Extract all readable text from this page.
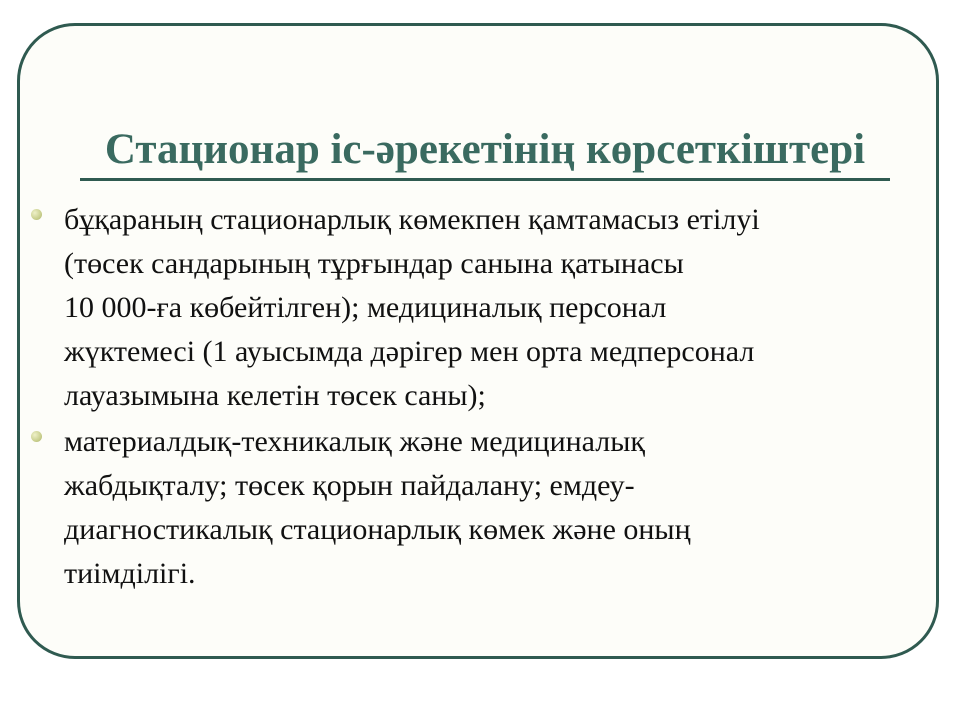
Стационар іс-әрекетінің көрсеткіштері
бұқараның стационарлық көмекпен қамтамасыз етілуі
(төсек сандарының тұрғындар санына қатынасы
10 000-ға көбейтілген); медициналық персонал
жүктемесі (1 ауысымда дәрігер мен орта медперсонал
лауазымына келетін төсек саны);
материалдық-техникалық және медициналық
жабдықталу; төсек қорын пайдалану; емдеу-
диагностикалық стационарлық көмек және оның
тиімділігі.
